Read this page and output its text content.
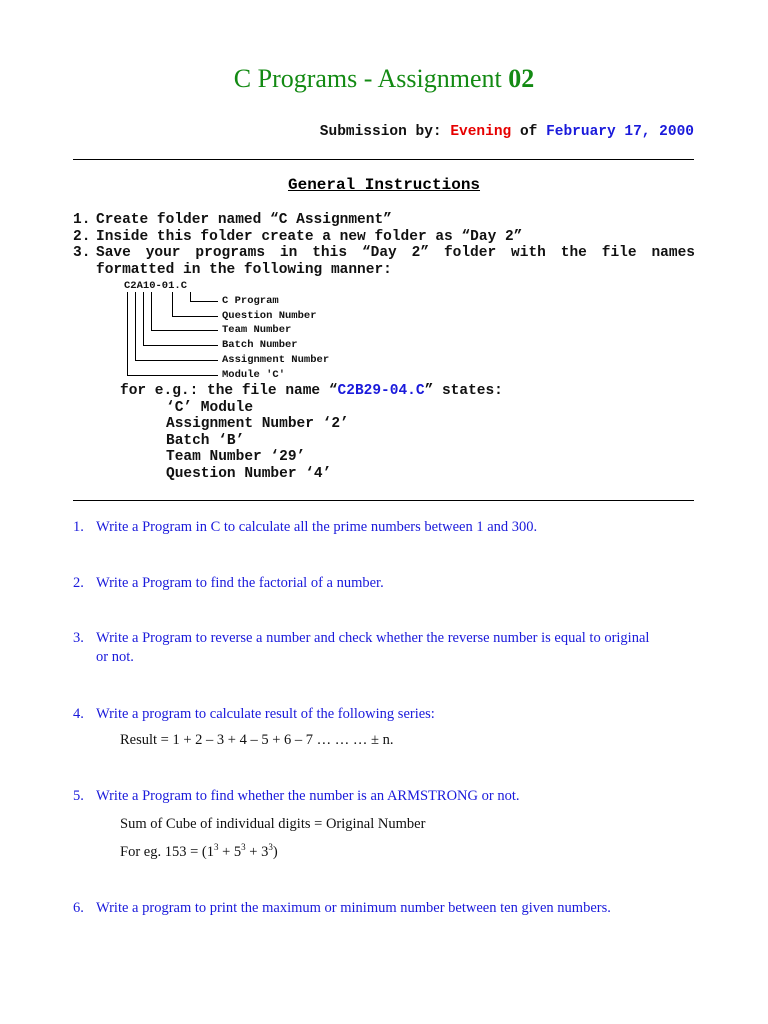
C Programs - Assignment 02
Submission by: Evening of February 17, 2000
General Instructions
1. Create folder named “C Assignment”
2. Inside this folder create a new folder as “Day 2”
3. Save your programs in this “Day 2” folder with the file names
formatted in the following manner:
C2A10-01.C
C Program
Question Number
Team Number
Batch Number
Assignment Number
Module 'C'
for e.g.: the file name “C2B29-04.C” states:
‘C’ Module
Assignment Number ‘2’
Batch ‘B’
Team Number ‘29’
Question Number ‘4’
1. Write a Program in C to calculate all the prime numbers between 1 and 300.
2. Write a Program to find the factorial of a number.
3. Write a Program to reverse a number and check whether the reverse number is equal to original
or not.
4. Write a program to calculate result of the following series:
Result = 1 + 2 – 3 + 4 – 5 + 6 – 7 … … … ± n.
5. Write a Program to find whether the number is an ARMSTRONG or not.
Sum of Cube of individual digits = Original Number
For eg. $153 = (1^3 + 5^3 + 3^3)$
6. Write a program to print the maximum or minimum number between ten given numbers.
